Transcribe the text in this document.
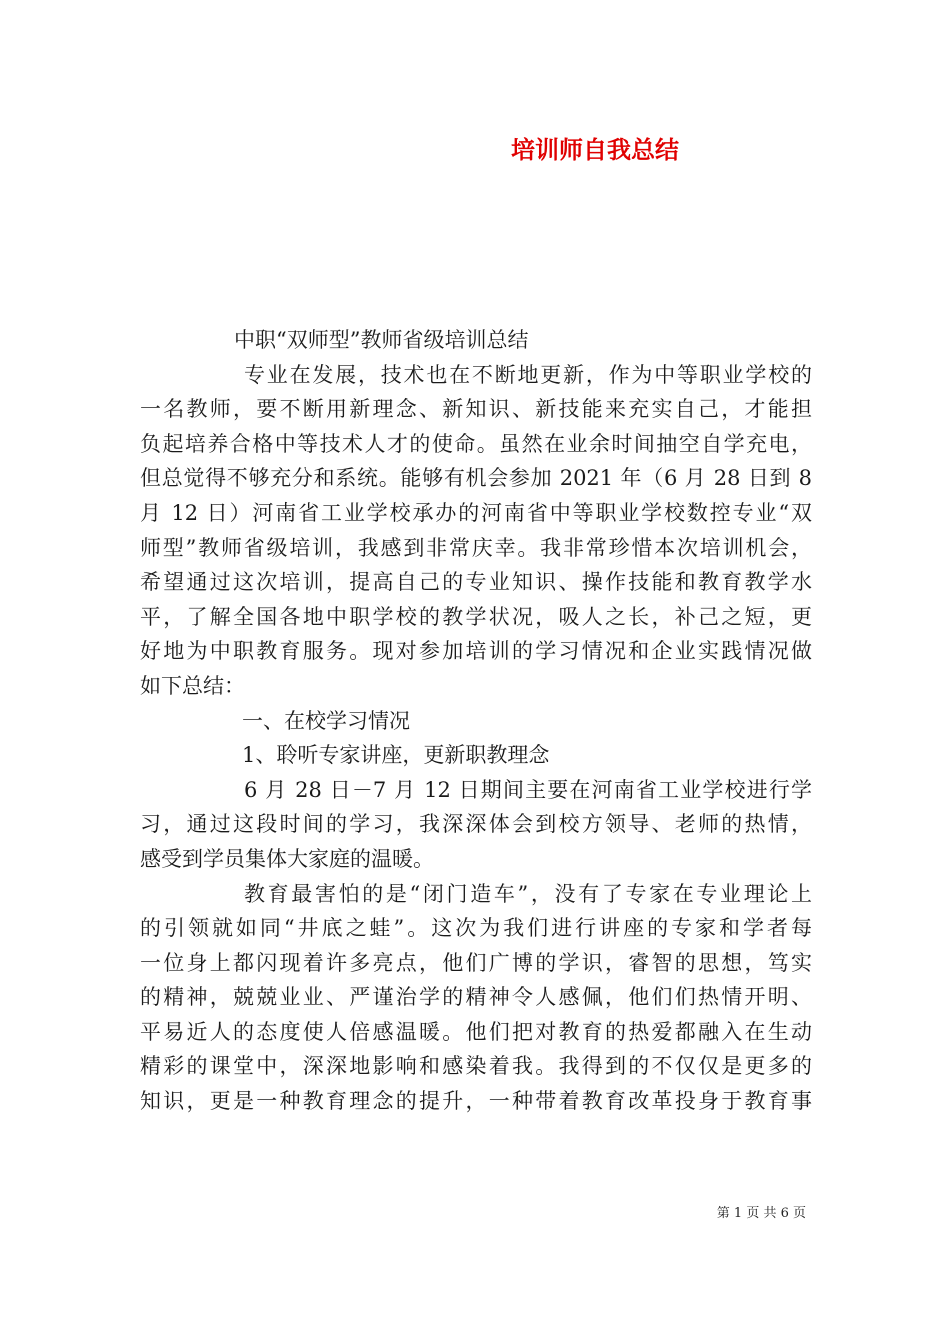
培训师自我总结
中职“双师型”教师省级培训总结
专业在发展，技术也在不断地更新，作为中等职业学校的
一名教师，要不断用新理念、新知识、新技能来充实自己，才能担
负起培养合格中等技术人才的使命。虽然在业余时间抽空自学充电，
但总觉得不够充分和系统。能够有机会参加 2021 年（6 月 28 日到 8
月 12 日）河南省工业学校承办的河南省中等职业学校数控专业“双
师型”教师省级培训，我感到非常庆幸。我非常珍惜本次培训机会，
希望通过这次培训，提高自己的专业知识、操作技能和教育教学水
平，了解全国各地中职学校的教学状况，吸人之长，补己之短，更
好地为中职教育服务。现对参加培训的学习情况和企业实践情况做
如下总结：
一、在校学习情况
1、聆听专家讲座，更新职教理念
6 月 28 日－7 月 12 日期间主要在河南省工业学校进行学
习，通过这段时间的学习，我深深体会到校方领导、老师的热情，
感受到学员集体大家庭的温暖。
教育最害怕的是“闭门造车”，没有了专家在专业理论上
的引领就如同“井底之蛙”。这次为我们进行讲座的专家和学者每
一位身上都闪现着许多亮点，他们广博的学识，睿智的思想，笃实
的精神，兢兢业业、严谨治学的精神令人感佩，他们们热情开明、
平易近人的态度使人倍感温暖。他们把对教育的热爱都融入在生动
精彩的课堂中，深深地影响和感染着我。我得到的不仅仅是更多的
知识，更是一种教育理念的提升，一种带着教育改革投身于教育事
第 1 页 共 6 页
